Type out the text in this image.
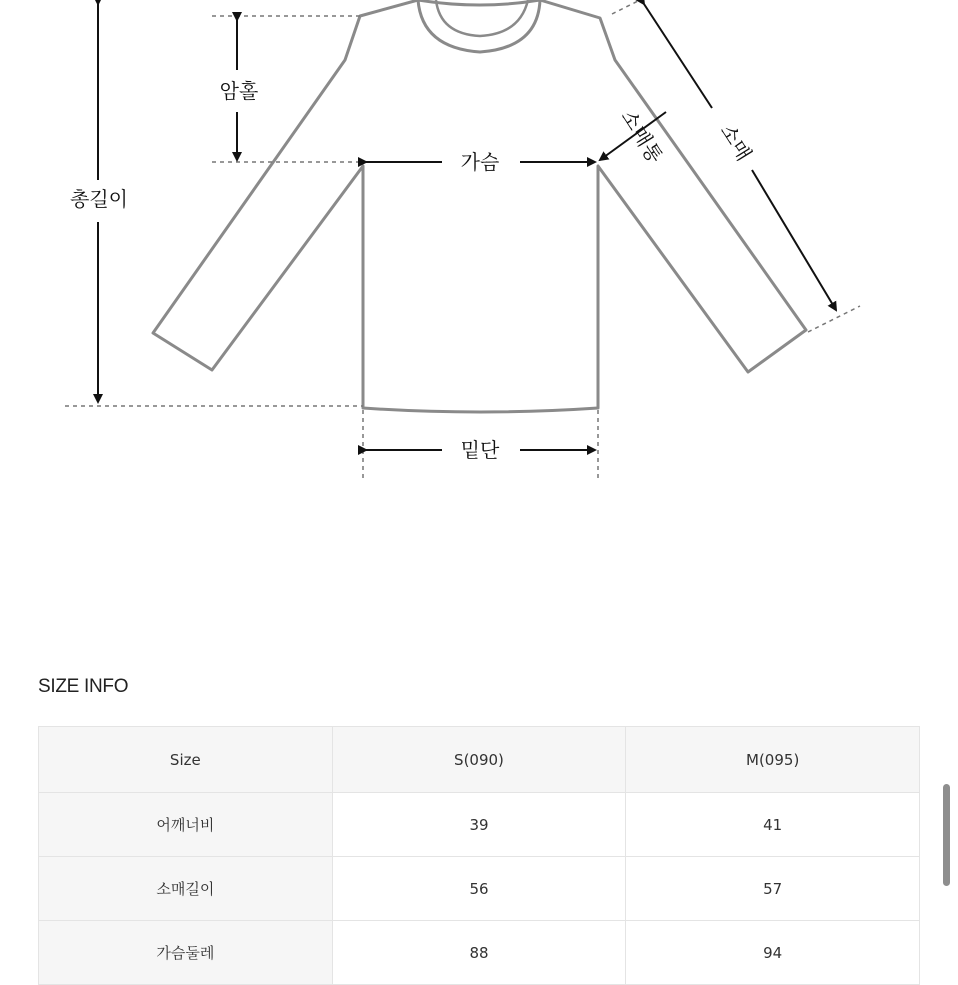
암홀
가슴
총길이
밑단
소매통 소매
SIZE INFO
Size	S(090)	M(095)
어깨너비	39	41
소매길이	56	57
가슴둘레	88	94
